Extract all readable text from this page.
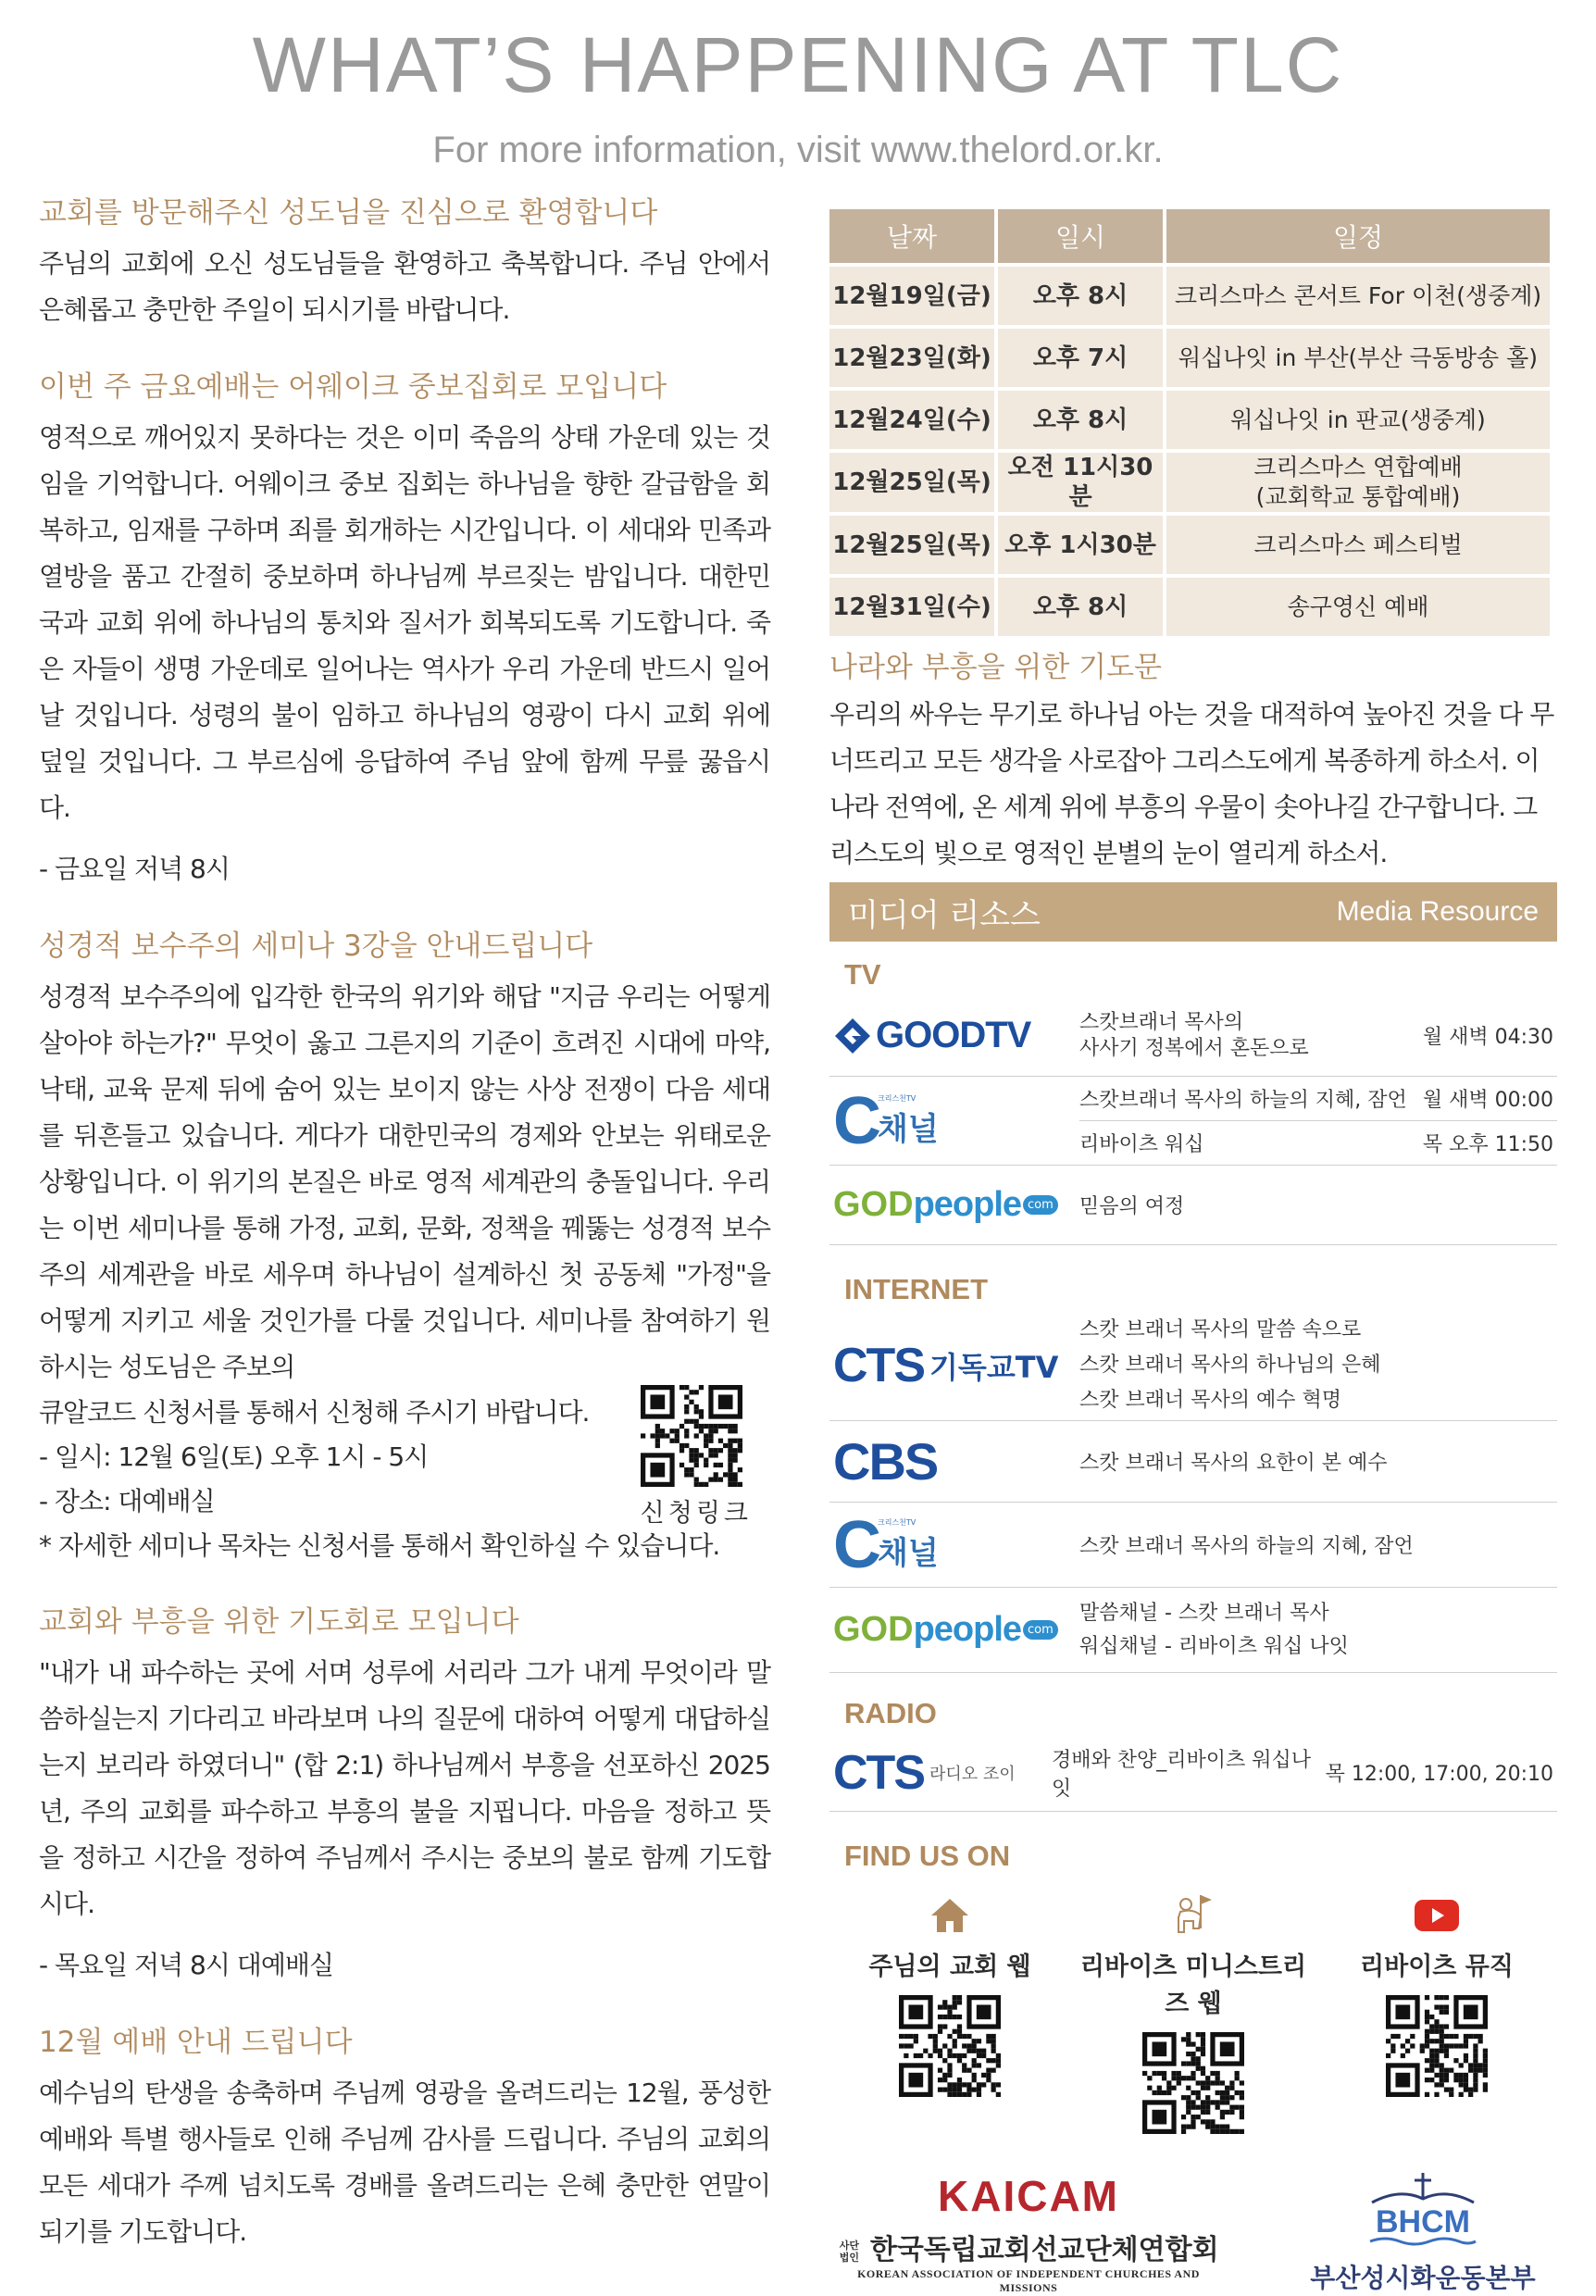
WHAT’S HAPPENING AT TLC
For more information, visit www.thelord.or.kr.
교회를 방문해주신 성도님을 진심으로 환영합니다
주님의 교회에 오신 성도님들을 환영하고 축복합니다. 주님 안에서 은혜롭고 충만한 주일이 되시기를 바랍니다.
이번 주 금요예배는 어웨이크 중보집회로 모입니다
영적으로 깨어있지 못하다는 것은 이미 죽음의 상태 가운데 있는 것임을 기억합니다. 어웨이크 중보 집회는 하나님을 향한 갈급함을 회복하고, 임재를 구하며 죄를 회개하는 시간입니다. 이 세대와 민족과 열방을 품고 간절히 중보하며 하나님께 부르짖는 밤입니다. 대한민국과 교회 위에 하나님의 통치와 질서가 회복되도록 기도합니다. 죽은 자들이 생명 가운데로 일어나는 역사가 우리 가운데 반드시 일어날 것입니다. 성령의 불이 임하고 하나님의 영광이 다시 교회 위에 덮일 것입니다. 그 부르심에 응답하여 주님 앞에 함께 무릎 꿇읍시다.
- 금요일 저녁 8시
성경적 보수주의 세미나 3강을 안내드립니다
성경적 보수주의에 입각한 한국의 위기와 해답 "지금 우리는 어떻게 살아야 하는가?" 무엇이 옳고 그른지의 기준이 흐려진 시대에 마약, 낙태, 교육 문제 뒤에 숨어 있는 보이지 않는 사상 전쟁이 다음 세대를 뒤흔들고 있습니다. 게다가 대한민국의 경제와 안보는 위태로운 상황입니다. 이 위기의 본질은 바로 영적 세계관의 충돌입니다. 우리는 이번 세미나를 통해 가정, 교회, 문화, 정책을 꿰뚫는 성경적 보수주의 세계관을 바로 세우며 하나님이 설계하신 첫 공동체 "가정"을 어떻게 지키고 세울 것인가를 다룰 것입니다. 세미나를 참여하기 원하시는 성도님은 주보의
큐알코드 신청서를 통해서 신청해 주시기 바랍니다.
- 일시: 12월 6일(토) 오후 1시 - 5시
- 장소: 대예배실
* 자세한 세미나 목차는 신청서를 통해서 확인하실 수 있습니다.
신청링크
교회와 부흥을 위한 기도회로 모입니다
"내가 내 파수하는 곳에 서며 성루에 서리라 그가 내게 무엇이라 말씀하실는지 기다리고 바라보며 나의 질문에 대하여 어떻게 대답하실는지 보리라 하였더니" (합 2:1) 하나님께서 부흥을 선포하신 2025년, 주의 교회를 파수하고 부흥의 불을 지핍니다. 마음을 정하고 뜻을 정하고 시간을 정하여 주님께서 주시는 중보의 불로 함께 기도합시다.
- 목요일 저녁 8시 대예배실
12월 예배 안내 드립니다
예수님의 탄생을 송축하며 주님께 영광을 올려드리는 12월, 풍성한 예배와 특별 행사들로 인해 주님께 감사를 드립니다. 주님의 교회의 모든 세대가 주께 넘치도록 경배를 올려드리는 은혜 충만한 연말이 되기를 기도합니다.
날짜	일시	일정
12월19일(금)	오후 8시	크리스마스 콘서트 For 이천(생중계)
12월23일(화)	오후 7시	워십나잇 in 부산(부산 극동방송 홀)
12월24일(수)	오후 8시	워십나잇 in 판교(생중계)
12월25일(목)	오전 11시30분	크리스마스 연합예배
(교회학교 통합예배)

12월25일(목)	오후 1시30분	크리스마스 페스티벌
12월31일(수)	오후 8시	송구영신 예배
나라와 부흥을 위한 기도문
우리의 싸우는 무기로 하나님 아는 것을 대적하여 높아진 것을 다 무너뜨리고 모든 생각을 사로잡아 그리스도에게 복종하게 하소서. 이 나라 전역에, 온 세계 위에 부흥의 우물이 솟아나길 간구합니다. 그리스도의 빛으로 영적인 분별의 눈이 열리게 하소서.
미디어 리소스	Media Resource
TV
GOODTV 스캇브래너 목사의
사사기 정복에서 혼돈으로	월 새벽 04:30
C
크리스천TV
채널
스캇브래너 목사의 하늘의 지혜, 잠언 월 새벽 00:00
리바이츠 워십	목 오후 11:50
GOD people com 믿음의 여정
INTERNET
CTS 기독교TV
스캇 브래너 목사의 말씀 속으로
스캇 브래너 목사의 하나님의 은혜
스캇 브래너 목사의 예수 혁명
CBS	스캇 브래너 목사의 요한이 본 예수
C
크리스천TV
채널	스캇 브래너 목사의 하늘의 지혜, 잠언
GOD people com
말씀채널 - 스캇 브래너 목사
워십채널 - 리바이츠 워십 나잇
RADIO
CTS 라디오 조이
경배와 찬양_리바이츠 워십나잇
목 12:00, 17:00, 20:10
FIND US ON
주님의 교회 웹	리바이츠 미니스트리즈 웹
리바이츠 뮤직
KAICAM
사단법인 한국독립교회선교단체연합회
KOREAN ASSOCIATION OF INDEPENDENT CHURCHES AND MISSIONS
BHCM
부산성시화운동본부
